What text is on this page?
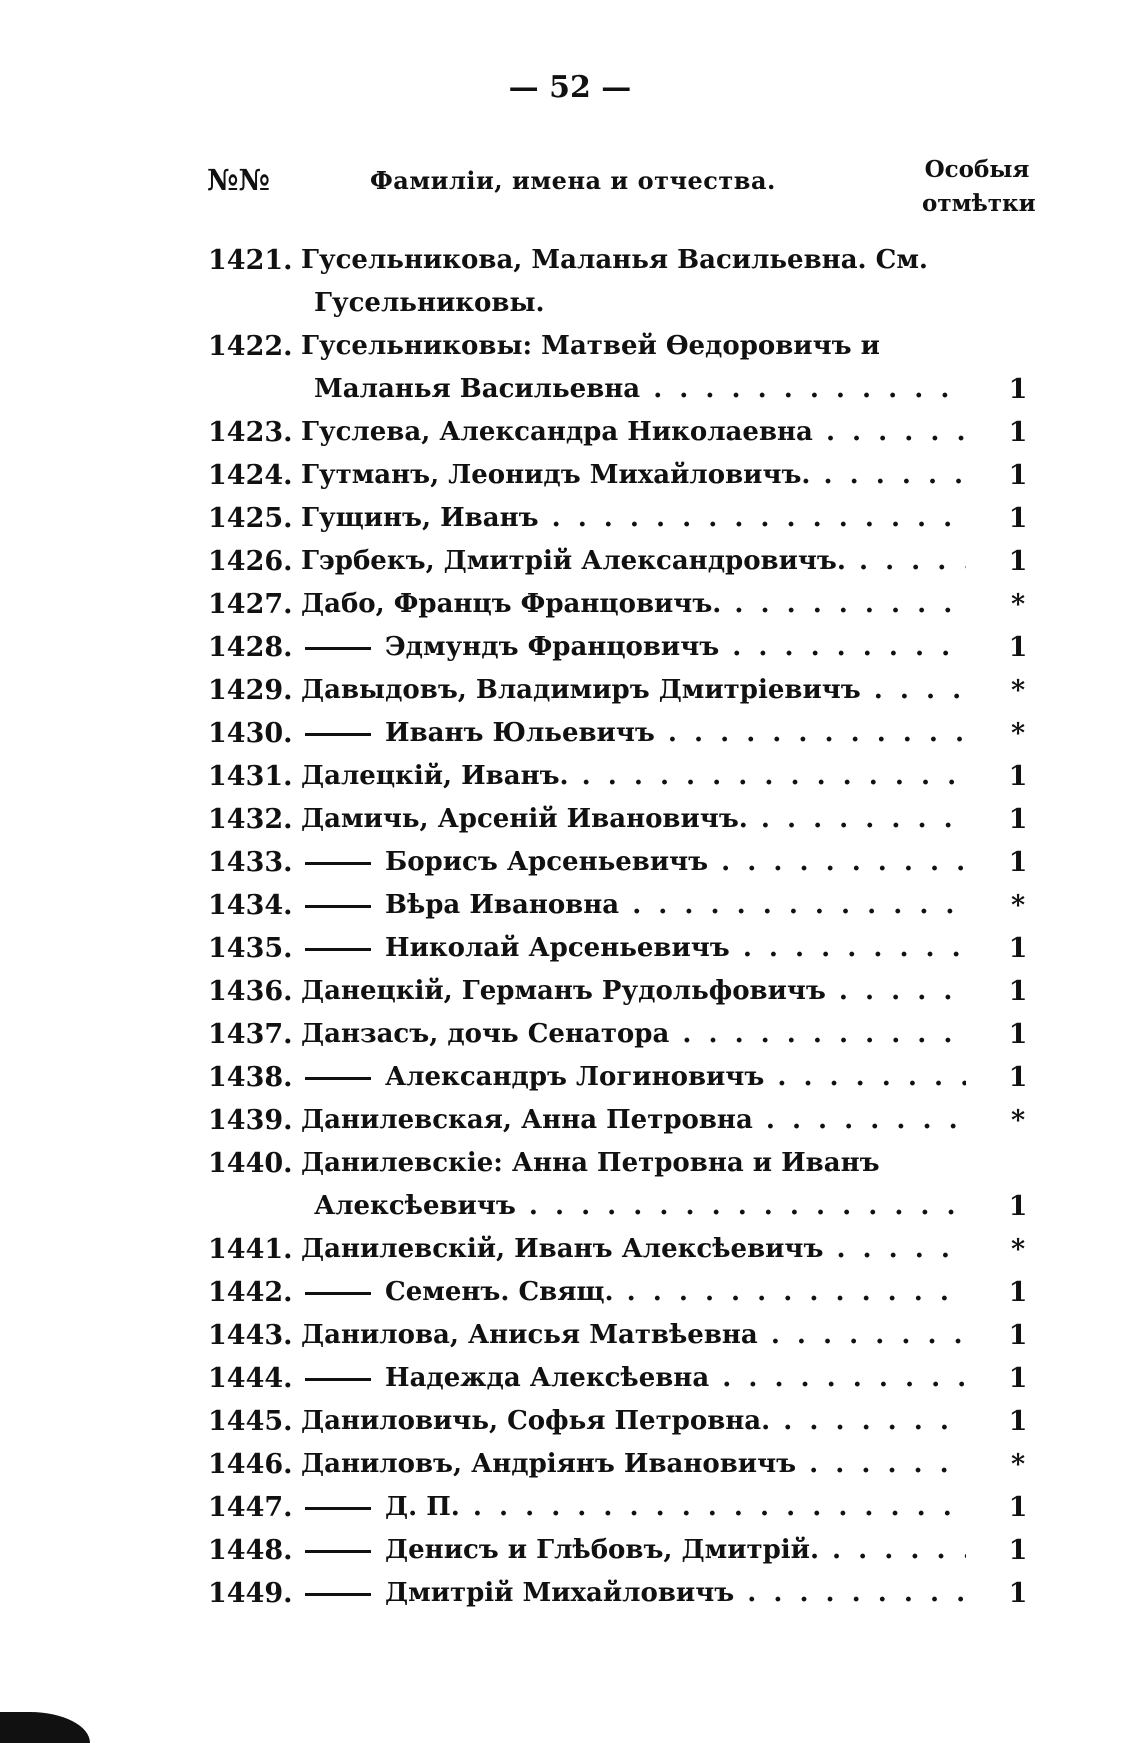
— 52 —
№№	Фамиліи, имена и отчества.	Особыя
отмѣтки
1421. Гусельникова, Маланья Васильевна. См.
Гусельниковы.
1422. Гусельниковы: Матвей Өедоровичъ и
Маланья Васильевна . . .	1
1423. Гуслева, Александра Николаевна . . .	1
1424. Гутманъ, Леонидъ Михайловичъ. . . .	1
1425. Гущинъ, Иванъ . . .	1
1426. Гэрбекъ, Дмитрій Александровичъ. . . .	1
1427. Дабо, Францъ Францовичъ. . . .	*
1428.	Эдмундъ Францовичъ . . .	1
1429. Давыдовъ, Владимиръ Дмитріевичъ . . .	*
1430.	Иванъ Юльевичъ . . .	*
1431. Далецкій, Иванъ. . . .	1
1432. Дамичь, Арсеній Ивановичъ. . . .	1
1433.	Борисъ Арсеньевичъ . . .	1
1434.	Вѣра Ивановна . . .	*
1435.	Николай Арсеньевичъ . . .	1
1436. Данецкій, Германъ Рудольфовичъ . . .	1
1437. Данзасъ, дочь Сенатора . . .	1
1438.	Александръ Логиновичъ . . .	1
1439. Данилевская, Анна Петровна . . .	*
1440. Данилевскіе: Анна Петровна и Иванъ
Алексѣевичъ . . .	1
1441. Данилевскій, Иванъ Алексѣевичъ . . .	*
1442.	Семенъ. Свящ. . . .	1
1443. Данилова, Анисья Матвѣевна . . .	1
1444.	Надежда Алексѣевна . . .	1
1445. Даниловичь, Софья Петровна. . . .	1
1446. Даниловъ, Андріянъ Ивановичъ . . .	*
1447.	Д. П. . . .	1
1448.	Денисъ и Глѣбовъ, Дмитрій. . . .	1
1449.	Дмитрій Михайловичъ . . .	1
